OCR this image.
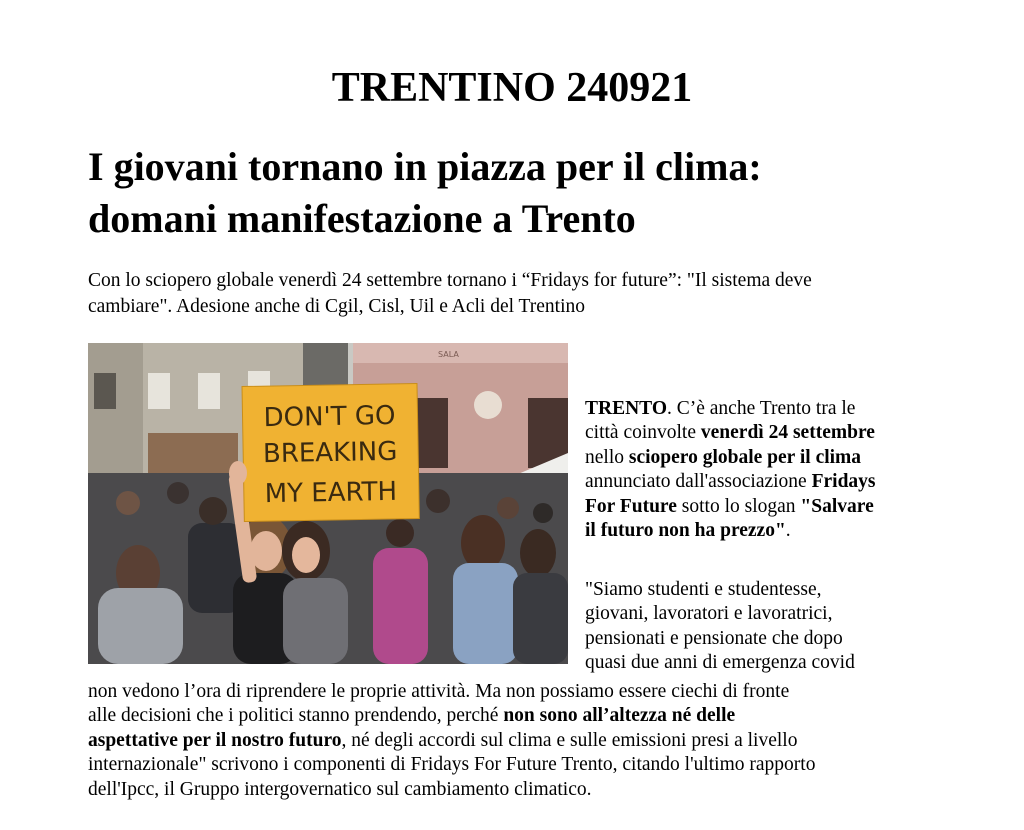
TRENTINO 240921
I giovani tornano in piazza per il clima:
domani manifestazione a Trento

Con lo sciopero globale venerdì 24 settembre tornano i “Fridays for future”: "Il sistema deve
cambiare". Adesione anche di Cgil, Cisl, Uil e Acli del Trentino

SALA
DON'T GO
BREAKING
MY EARTH
TRENTO. C’è anche Trento tra le
città coinvolte venerdì 24 settembre
nello sciopero globale per il clima
annunciato dall'associazione Fridays
For Future sotto lo slogan "Salvare
il futuro non ha prezzo".
"Siamo studenti e studentesse,
giovani, lavoratori e lavoratrici,
pensionati e pensionate che dopo
quasi due anni di emergenza covid
non vedono l’ora di riprendere le proprie attività. Ma non possiamo essere ciechi di fronte
alle decisioni che i politici stanno prendendo, perché non sono all’altezza né delle
aspettative per il nostro futuro, né degli accordi sul clima e sulle emissioni presi a livello
internazionale" scrivono i componenti di Fridays For Future Trento, citando l'ultimo rapporto
dell'Ipcc, il Gruppo intergovernatico sul cambiamento climatico.
